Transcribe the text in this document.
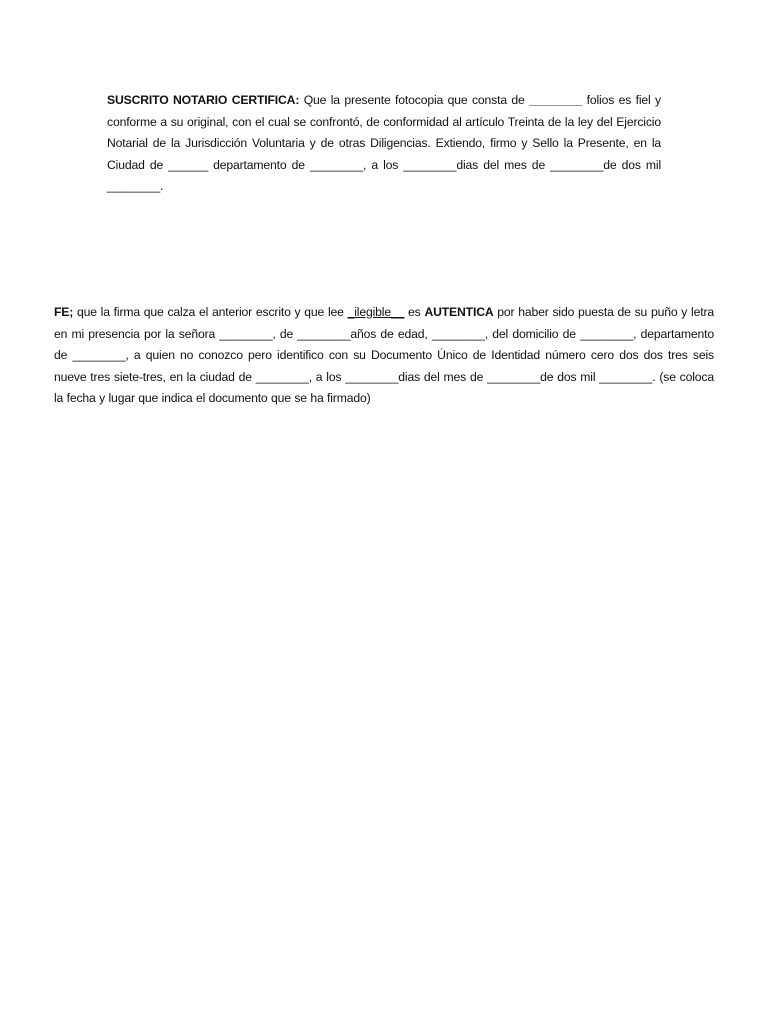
SUSCRITO NOTARIO CERTIFICA: Que la presente fotocopia que consta de ________ folios es fiel y conforme a su original, con el cual se confrontó, de conformidad al artículo Treinta de la ley del Ejercicio Notarial de la Jurisdicción Voluntaria y de otras Diligencias. Extiendo, firmo y Sello la Presente, en la Ciudad de ______ departamento de ________, a los ________dias del mes de ________de dos mil ________.

FE; que la firma que calza el anterior escrito y que lee _ilegible__ es AUTENTICA por haber sido puesta de su puño y letra en mi presencia por la señora ________, de ________años de edad, ________, del domicilio de ________, departamento de ________, a quien no conozco pero identifico con su Documento Único de Identidad número cero dos dos tres seis nueve tres siete-tres, en la ciudad de ________, a los ________dias del mes de ________de dos mil ________. (se coloca la fecha y lugar que indica el documento que se ha firmado)
